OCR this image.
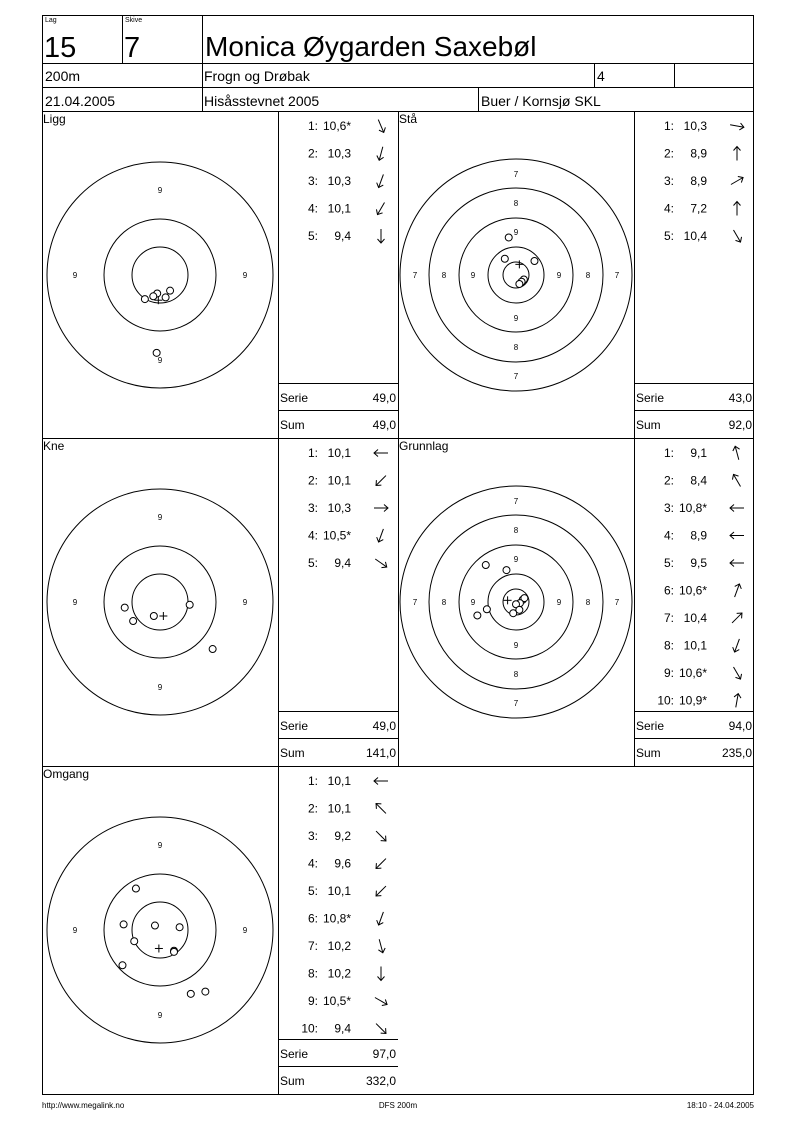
Lag
15
Skive
7 Monica Øygarden Saxebøl
200m	Frogn og Drøbak	4
21.04.2005	Hisåsstevnet 2005	Buer / Kornsjø SKL
Ligg
9
9
9	9
1: 10,6*
2: 10,3
3: 10,3
4: 10,1
5: 9,4
Serie	49,0
Sum	49,0
Stå
7
7
7	7
8
8
8	8
9
9
9	9
1: 10,3
2: 8,9
3: 8,9
4: 7,2
5: 10,4
Serie	43,0
Sum	92,0
Kne
9
9
9	9
1: 10,1
2: 10,1
3: 10,3
4: 10,5*
5: 9,4
Serie	49,0
Sum	141,0
Grunnlag
7
7
7	7
8
8
8	8
9
9
9	9
1: 9,1
2: 8,4
3: 10,8*
4: 8,9
5: 9,5
6: 10,6*
7: 10,4
8: 10,1
9: 10,6*
10: 10,9*
Serie	94,0
Sum	235,0
Omgang
9
9
9	9
1: 10,1
2: 10,1
3: 9,2
4: 9,6
5: 10,1
6: 10,8*
7: 10,2
8: 10,2
9: 10,5*
10: 9,4
Serie	97,0
Sum	332,0
http://www.megalink.no	DFS 200m	18:10 - 24.04.2005
